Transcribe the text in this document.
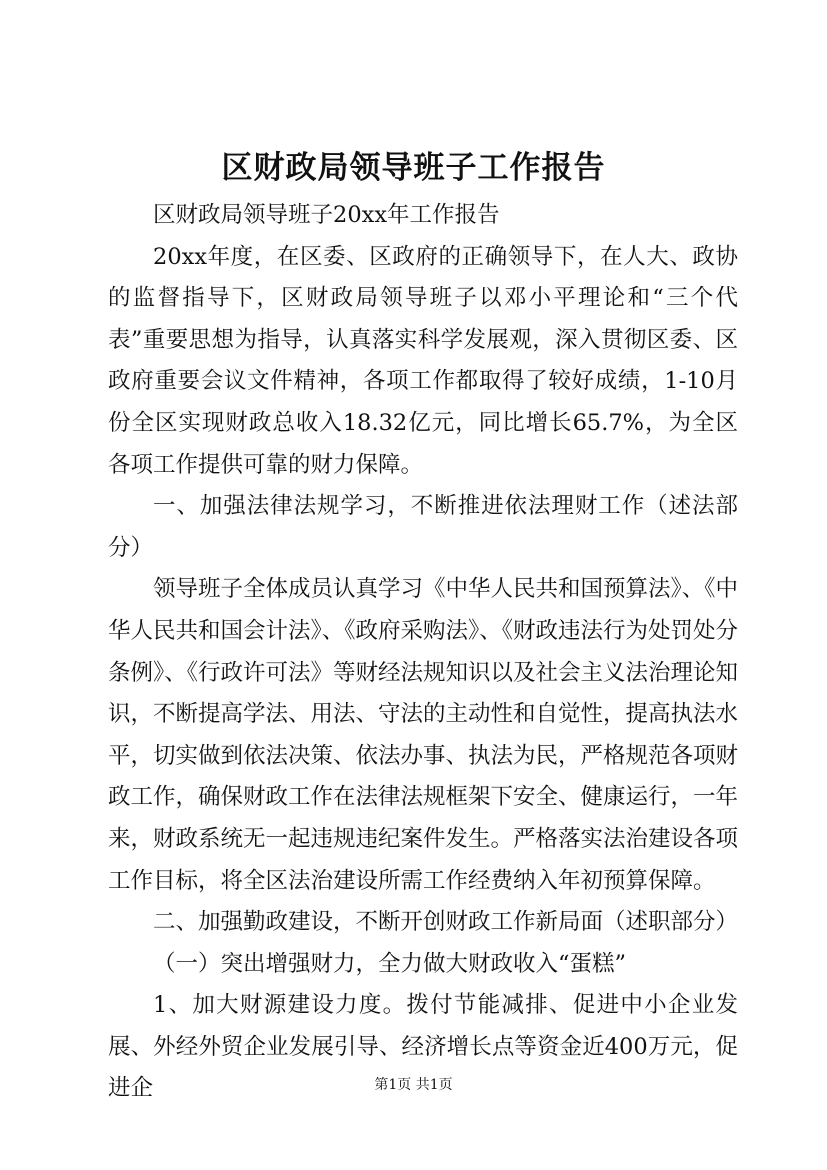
区财政局领导班子工作报告

区财政局领导班子20xx年工作报告

20xx年度，在区委、区政府的正确领导下，在人大、政协的监督指导下，区财政局领导班子以邓小平理论和“三个代表”重要思想为指导，认真落实科学发展观，深入贯彻区委、区政府重要会议文件精神，各项工作都取得了较好成绩，1-10月份全区实现财政总收入18.32亿元，同比增长65.7%，为全区各项工作提供可靠的财力保障。

一、加强法律法规学习，不断推进依法理财工作（述法部分）

领导班子全体成员认真学习《中华人民共和国预算法》、《中华人民共和国会计法》、《政府采购法》、《财政违法行为处罚处分条例》、《行政许可法》等财经法规知识以及社会主义法治理论知识，不断提高学法、用法、守法的主动性和自觉性，提高执法水平，切实做到依法决策、依法办事、执法为民，严格规范各项财政工作，确保财政工作在法律法规框架下安全、健康运行，一年来，财政系统无一起违规违纪案件发生。严格落实法治建设各项工作目标，将全区法治建设所需工作经费纳入年初预算保障。

二、加强勤政建设，不断开创财政工作新局面（述职部分）

（一）突出增强财力，全力做大财政收入“蛋糕”

1、加大财源建设力度。拨付节能减排、促进中小企业发展、外经外贸企业发展引导、经济增长点等资金近400万元，促进企	第1页 共1页
